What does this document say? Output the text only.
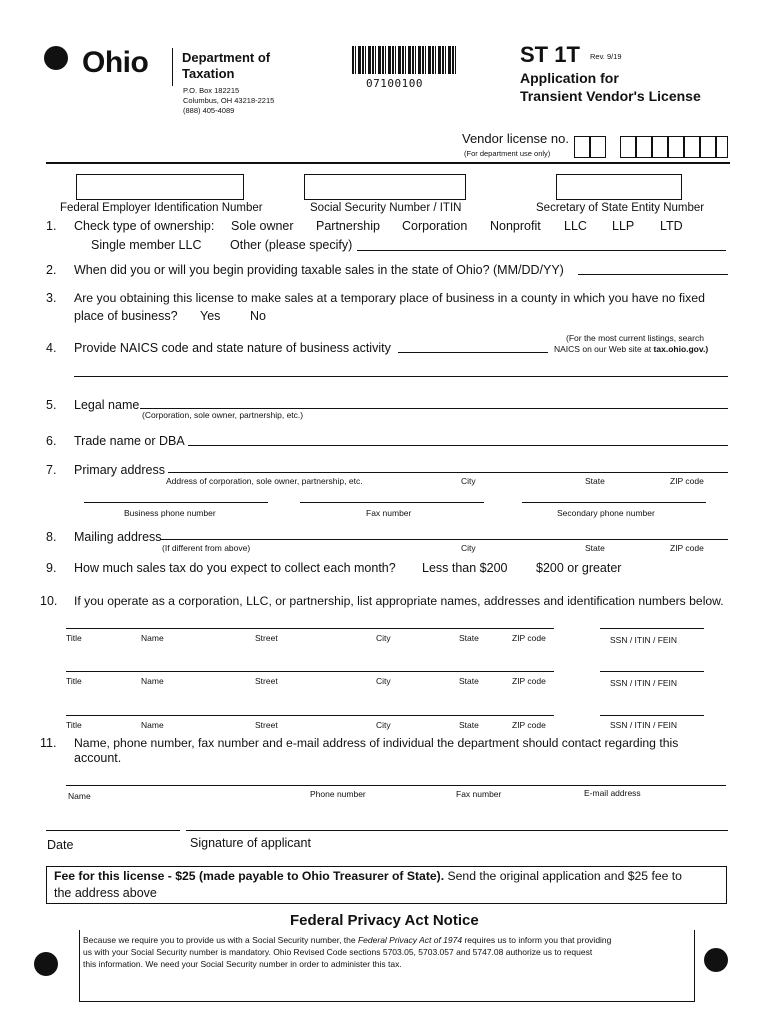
Ohio	Department of
Taxation
P.O. Box 182215
Columbus, OH 43218-2215
(888) 405-4089
07100100
ST 1T Rev. 9/19
Application for
Transient Vendor's License
Vendor license no.
(For department use only)
Federal Employer Identification Number	Social Security Number / ITIN	Secretary of State Entity Number
1. Check type of ownership: Sole owner Partnership Corporation Nonprofit LLC LLP LTD
Single member LLC Other (please specify)
2. When did you or will you begin providing taxable sales in the state of Ohio? (MM/DD/YY)
3. Are you obtaining this license to make sales at a temporary place of business in a county in which you have no fixed
place of business? Yes No
4. Provide NAICS code and state nature of business activity
(For the most current listings, search
NAICS on our Web site at tax.ohio.gov.)
5. Legal name
(Corporation, sole owner, partnership, etc.)
6. Trade name or DBA
7. Primary address
Address of corporation, sole owner, partnership, etc.	City	State	ZIP code
Business phone number	Fax number	Secondary phone number
8. Mailing address
(If different from above)	City	State	ZIP code
9. How much sales tax do you expect to collect each month? Less than $200 $200 or greater
10. If you operate as a corporation, LLC, or partnership, list appropriate names, addresses and identification numbers below.
Title	Name	Street	City	State	ZIP code	SSN / ITIN / FEIN
Title	Name	Street	City	State	ZIP code	SSN / ITIN / FEIN
Title	Name	Street	City	State	ZIP code	SSN / ITIN / FEIN
11. Name, phone number, fax number and e-mail address of individual the department should contact regarding this
account.
Name	Phone number	Fax number	E-mail address
Date	Signature of applicant
Fee for this license - $25 (made payable to Ohio Treasurer of State). Send the original application and $25 fee to
the address above
Federal Privacy Act Notice
Because we require you to provide us with a Social Security number, the Federal Privacy Act of 1974 requires us to inform you that providing
us with your Social Security number is mandatory. Ohio Revised Code sections 5703.05, 5703.057 and 5747.08 authorize us to request
this information. We need your Social Security number in order to administer this tax.
